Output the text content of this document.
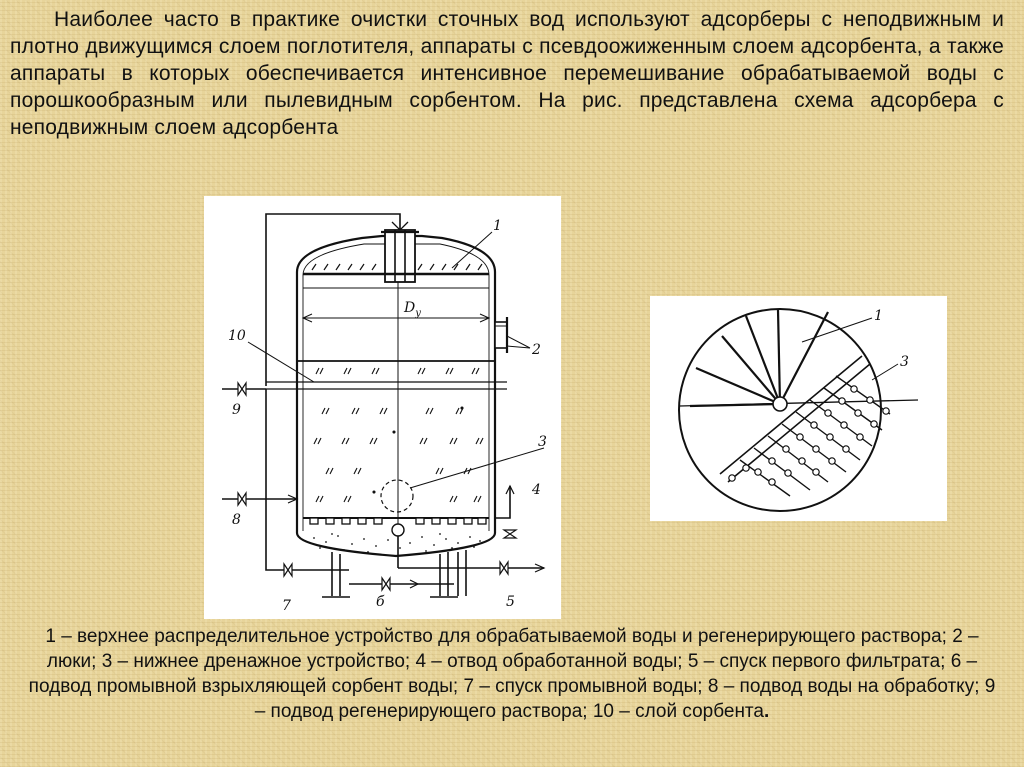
Наиболее часто в практике очистки сточных вод используют адсорберы с неподвижным и плотно движущимся слоем поглотителя, аппараты с псевдоожиженным слоем адсорбента, а также аппараты в которых обеспечивается интенсивное перемешивание обрабатываемой воды с порошкообразным или пылевидным сорбентом. На рис. представлена схема адсорбера с неподвижным слоем адсорбента

$D_y$
1
2
3
4
5
б
7
8
9
10
1
3

1 – верхнее распределительное устройство для обрабатываемой воды и регенерирующего раствора; 2 – люки; 3 – нижнее дренажное устройство; 4 – отвод обработанной воды; 5 – спуск первого фильтрата; 6 – подвод промывной взрыхляющей сорбент воды; 7 – спуск промывной воды; 8 – подвод воды на обработку; 9 – подвод регенерирующего раствора; 10 – слой сорбента.
